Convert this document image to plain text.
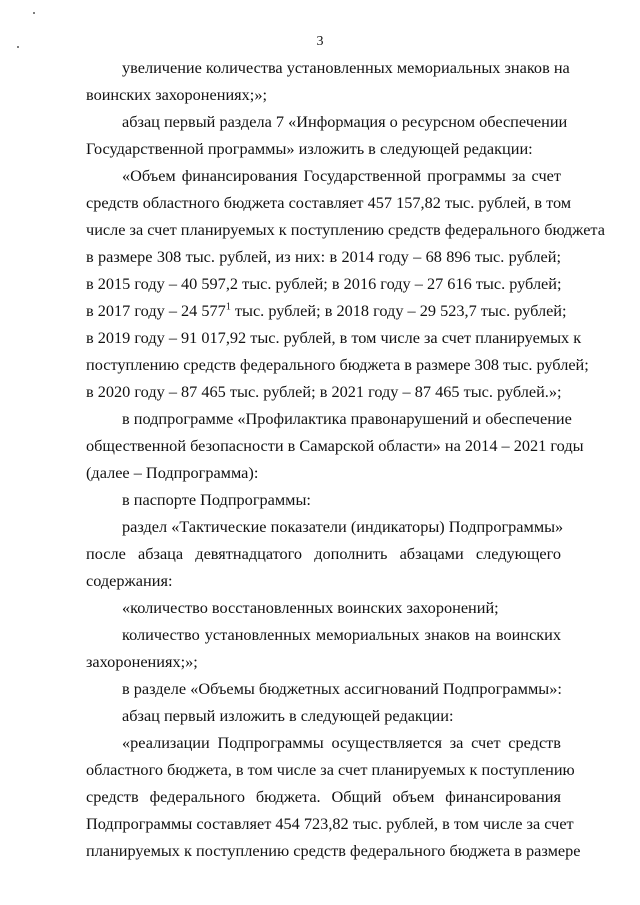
3
увеличение количества установленных мемориальных знаков на
воинских захоронениях;»;
абзац первый раздела 7 «Информация о ресурсном обеспечении
Государственной программы» изложить в следующей редакции:
«Объем финансирования Государственной программы за счет
средств областного бюджета составляет 457 157,82 тыс. рублей, в том
числе за счет планируемых к поступлению средств федерального бюджета
в размере 308 тыс. рублей, из них: в 2014 году – 68 896 тыс. рублей;
в 2015 году – 40 597,2 тыс. рублей; в 2016 году – 27 616 тыс. рублей;
в 2017 году – 24 $577^1$ тыс. рублей; в 2018 году – 29 523,7 тыс. рублей;
в 2019 году – 91 017,92 тыс. рублей, в том числе за счет планируемых к
поступлению средств федерального бюджета в размере 308 тыс. рублей;
в 2020 году – 87 465 тыс. рублей; в 2021 году – 87 465 тыс. рублей.»;
в подпрограмме «Профилактика правонарушений и обеспечение
общественной безопасности в Самарской области» на 2014 – 2021 годы
(далее – Подпрограмма):
в паспорте Подпрограммы:
раздел «Тактические показатели (индикаторы) Подпрограммы»
после абзаца девятнадцатого дополнить абзацами следующего
содержания:
«количество восстановленных воинских захоронений;
количество установленных мемориальных знаков на воинских
захоронениях;»;
в разделе «Объемы бюджетных ассигнований Подпрограммы»:
абзац первый изложить в следующей редакции:
«реализации Подпрограммы осуществляется за счет средств
областного бюджета, в том числе за счет планируемых к поступлению
средств федерального бюджета. Общий объем финансирования
Подпрограммы составляет 454 723,82 тыс. рублей, в том числе за счет
планируемых к поступлению средств федерального бюджета в размере
